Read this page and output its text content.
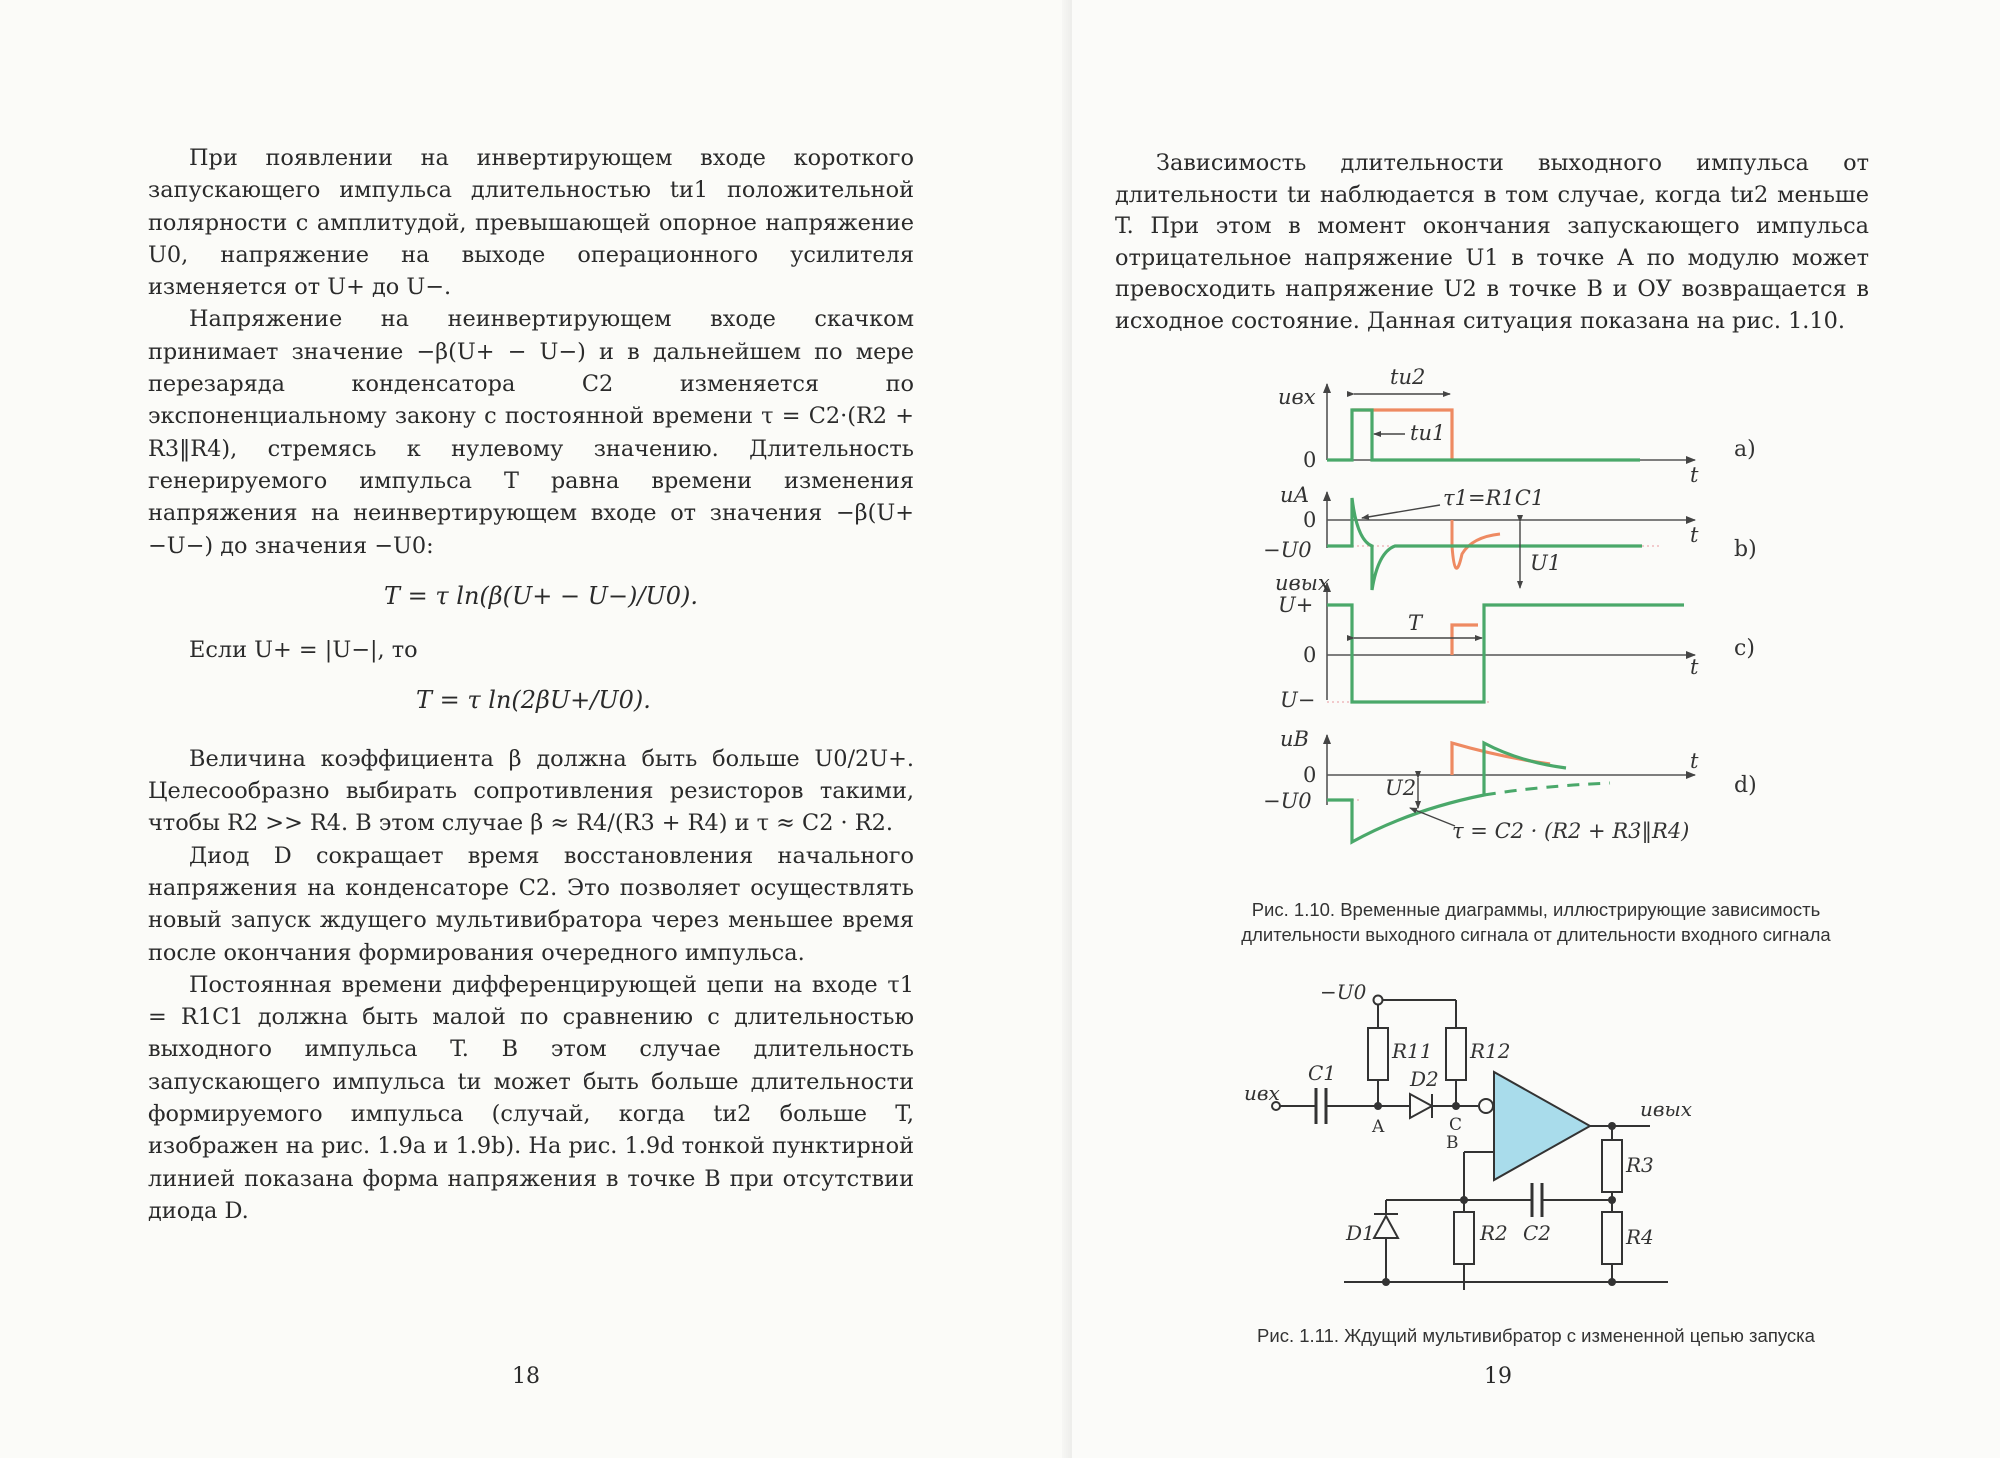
При появлении на инвертирующем входе короткого запускающего импульса длительностью tи1 положительной полярности с амплитудой, превышающей опорное напряжение U0, напряжение на выходе операционного усилителя изменяется от U+ до U−.

Напряжение на неинвертирующем входе скачком принимает значение −β(U+ − U−) и в дальнейшем по мере перезаряда конденсатора C2 изменяется по экспоненциальному закону с постоянной времени τ = C2·(R2 + R3‖R4), стремясь к нулевому значению. Длительность генерируемого импульса T равна времени изменения напряжения на неинвертирующем входе от значения −β(U+ −U−) до значения −U0:

T = τ ln(β(U+ − U−)/U0).

Если U+ = |U−|, то

T = τ ln(2βU+/U0).

Величина коэффициента β должна быть больше U0/2U+. Целесообразно выбирать сопротивления резисторов такими, чтобы R2 >> R4. В этом случае β ≈ R4/(R3 + R4) и τ ≈ C2 · R2.

Диод D сокращает время восстановления начального напряжения на конденсаторе C2. Это позволяет осуществлять новый запуск ждущего мультивибратора через меньшее время после окончания формирования очередного импульса.

Постоянная времени дифференцирующей цепи на входе τ1 = R1C1 должна быть малой по сравнению с длительностью выходного импульса T. В этом случае длительность запускающего импульса tи может быть больше длительности формируемого импульса (случай, когда tи2 больше T, изображен на рис. 1.9a и 1.9b). На рис. 1.9d тонкой пунктирной линией показана форма напряжения в точке B при отсутствии диода D.

18

Зависимость длительности выходного импульса от длительности tи наблюдается в том случае, когда tи2 меньше T. При этом в момент окончания запускающего импульса отрицательное напряжение U1 в точке А по модулю может превосходить напряжение U2 в точке В и ОУ возвращается в исходное состояние. Данная ситуация показана на рис. 1.10.

uвх
0
tи2
tи1
t
a)
uА
0
−U0
τ1=R1C1
U1
t
b)
uвых
U+
0
U−
T
t
c)
uB
0
−U0
U2
t
d)
τ = C2 · (R2 + R3‖R4)
Рис. 1.10. Временные диаграммы, иллюстрирующие зависимость
длительности выходного сигнала от длительности входного сигнала
−U0
R11 R12
C1	D2
uвх
uвых
A	C
B
R3
R4
D1	R2 C2
Рис. 1.11. Ждущий мультивибратор с измененной цепью запуска
19
